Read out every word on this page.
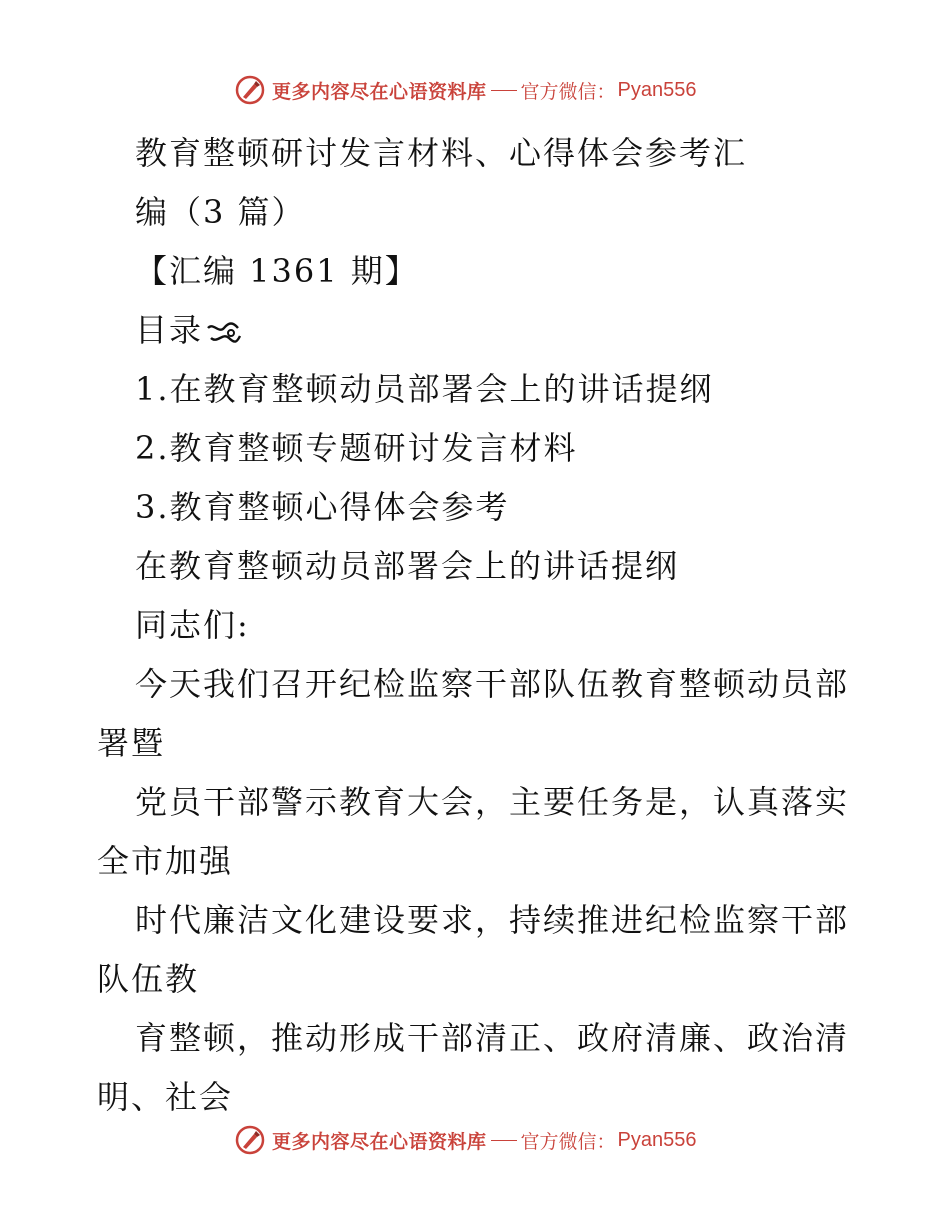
更多内容尽在心语资料库 官方微信： Pyan556
教育整顿研讨发言材料、心得体会参考汇
编（3 篇）
【汇编 1361 期】
目录
1.在教育整顿动员部署会上的讲话提纲
2.教育整顿专题研讨发言材料
3.教育整顿心得体会参考
在教育整顿动员部署会上的讲话提纲
同志们:
今天我们召开纪检监察干部队伍教育整顿动员部
署暨
党员干部警示教育大会，主要任务是，认真落实
全市加强
时代廉洁文化建设要求，持续推进纪检监察干部
队伍教
育整顿，推动形成干部清正、政府清廉、政治清
明、社会
更多内容尽在心语资料库 官方微信： Pyan556
